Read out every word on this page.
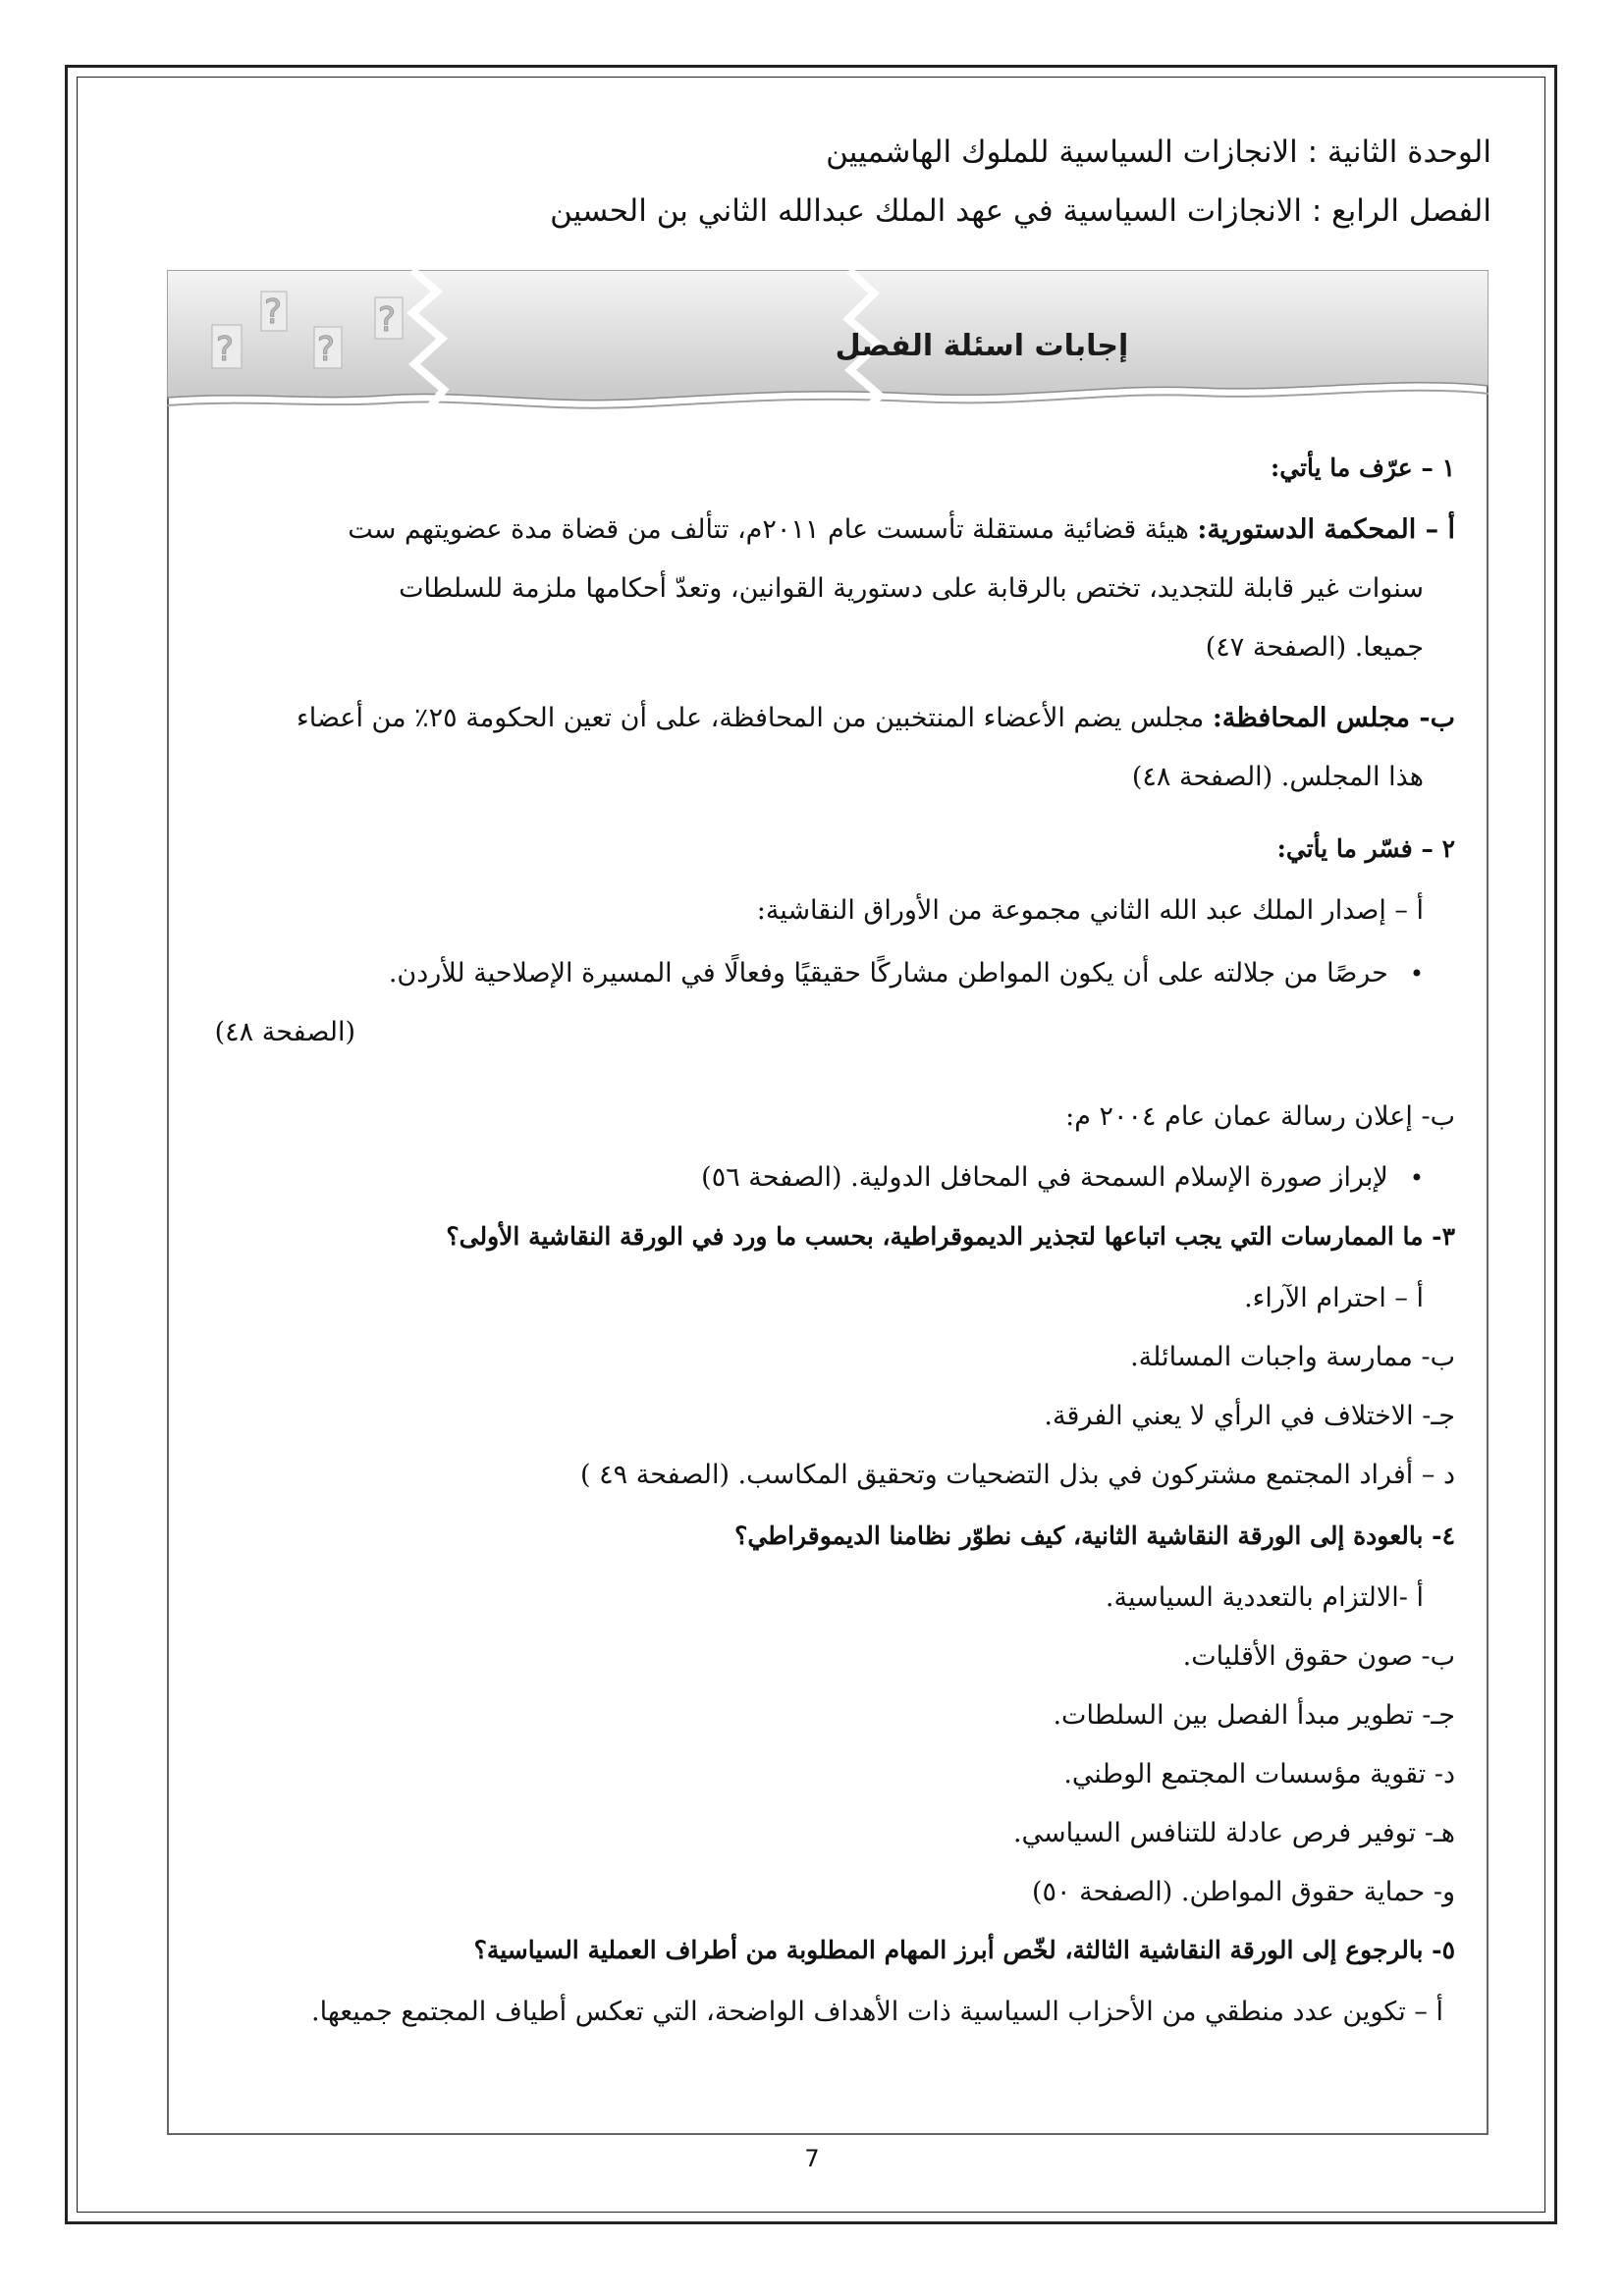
الوحدة الثانية : الانجازات السياسية للملوك الهاشميين
الفصل الرابع : الانجازات السياسية في عهد الملك عبدالله الثاني بن الحسين
?
?
?
?
إجابات اسئلة الفصل
١ – عرّف ما يأتي:
أ – المحكمة الدستورية: هيئة قضائية مستقلة تأسست عام ٢٠١١م، تتألف من قضاة مدة عضويتهم ست
سنوات غير قابلة للتجديد، تختص بالرقابة على دستورية القوانين، وتعدّ أحكامها ملزمة للسلطات
جميعا. (الصفحة ٤٧)
ب- مجلس المحافظة: مجلس يضم الأعضاء المنتخبين من المحافظة، على أن تعين الحكومة ٢٥٪ من أعضاء
هذا المجلس. (الصفحة ٤٨)
٢ – فسّر ما يأتي:
أ – إصدار الملك عبد الله الثاني مجموعة من الأوراق النقاشية:
• حرصًا من جلالته على أن يكون المواطن مشاركًا حقيقيًا وفعالًا في المسيرة الإصلاحية للأردن.
(الصفحة ٤٨)
ب- إعلان رسالة عمان عام ٢٠٠٤ م:
• لإبراز صورة الإسلام السمحة في المحافل الدولية. (الصفحة ٥٦)
٣- ما الممارسات التي يجب اتباعها لتجذير الديموقراطية، بحسب ما ورد في الورقة النقاشية الأولى؟
أ – احترام الآراء.
ب- ممارسة واجبات المسائلة.
جـ- الاختلاف في الرأي لا يعني الفرقة.
د – أفراد المجتمع مشتركون في بذل التضحيات وتحقيق المكاسب. (الصفحة ٤٩ )
٤- بالعودة إلى الورقة النقاشية الثانية، كيف نطوّر نظامنا الديموقراطي؟
أ -الالتزام بالتعددية السياسية.
ب- صون حقوق الأقليات.
جـ- تطوير مبدأ الفصل بين السلطات.
د- تقوية مؤسسات المجتمع الوطني.
هـ- توفير فرص عادلة للتنافس السياسي.
و- حماية حقوق المواطن. (الصفحة ٥٠)
٥- بالرجوع إلى الورقة النقاشية الثالثة، لخّص أبرز المهام المطلوبة من أطراف العملية السياسية؟
أ – تكوين عدد منطقي من الأحزاب السياسية ذات الأهداف الواضحة، التي تعكس أطياف المجتمع جميعها.
7
